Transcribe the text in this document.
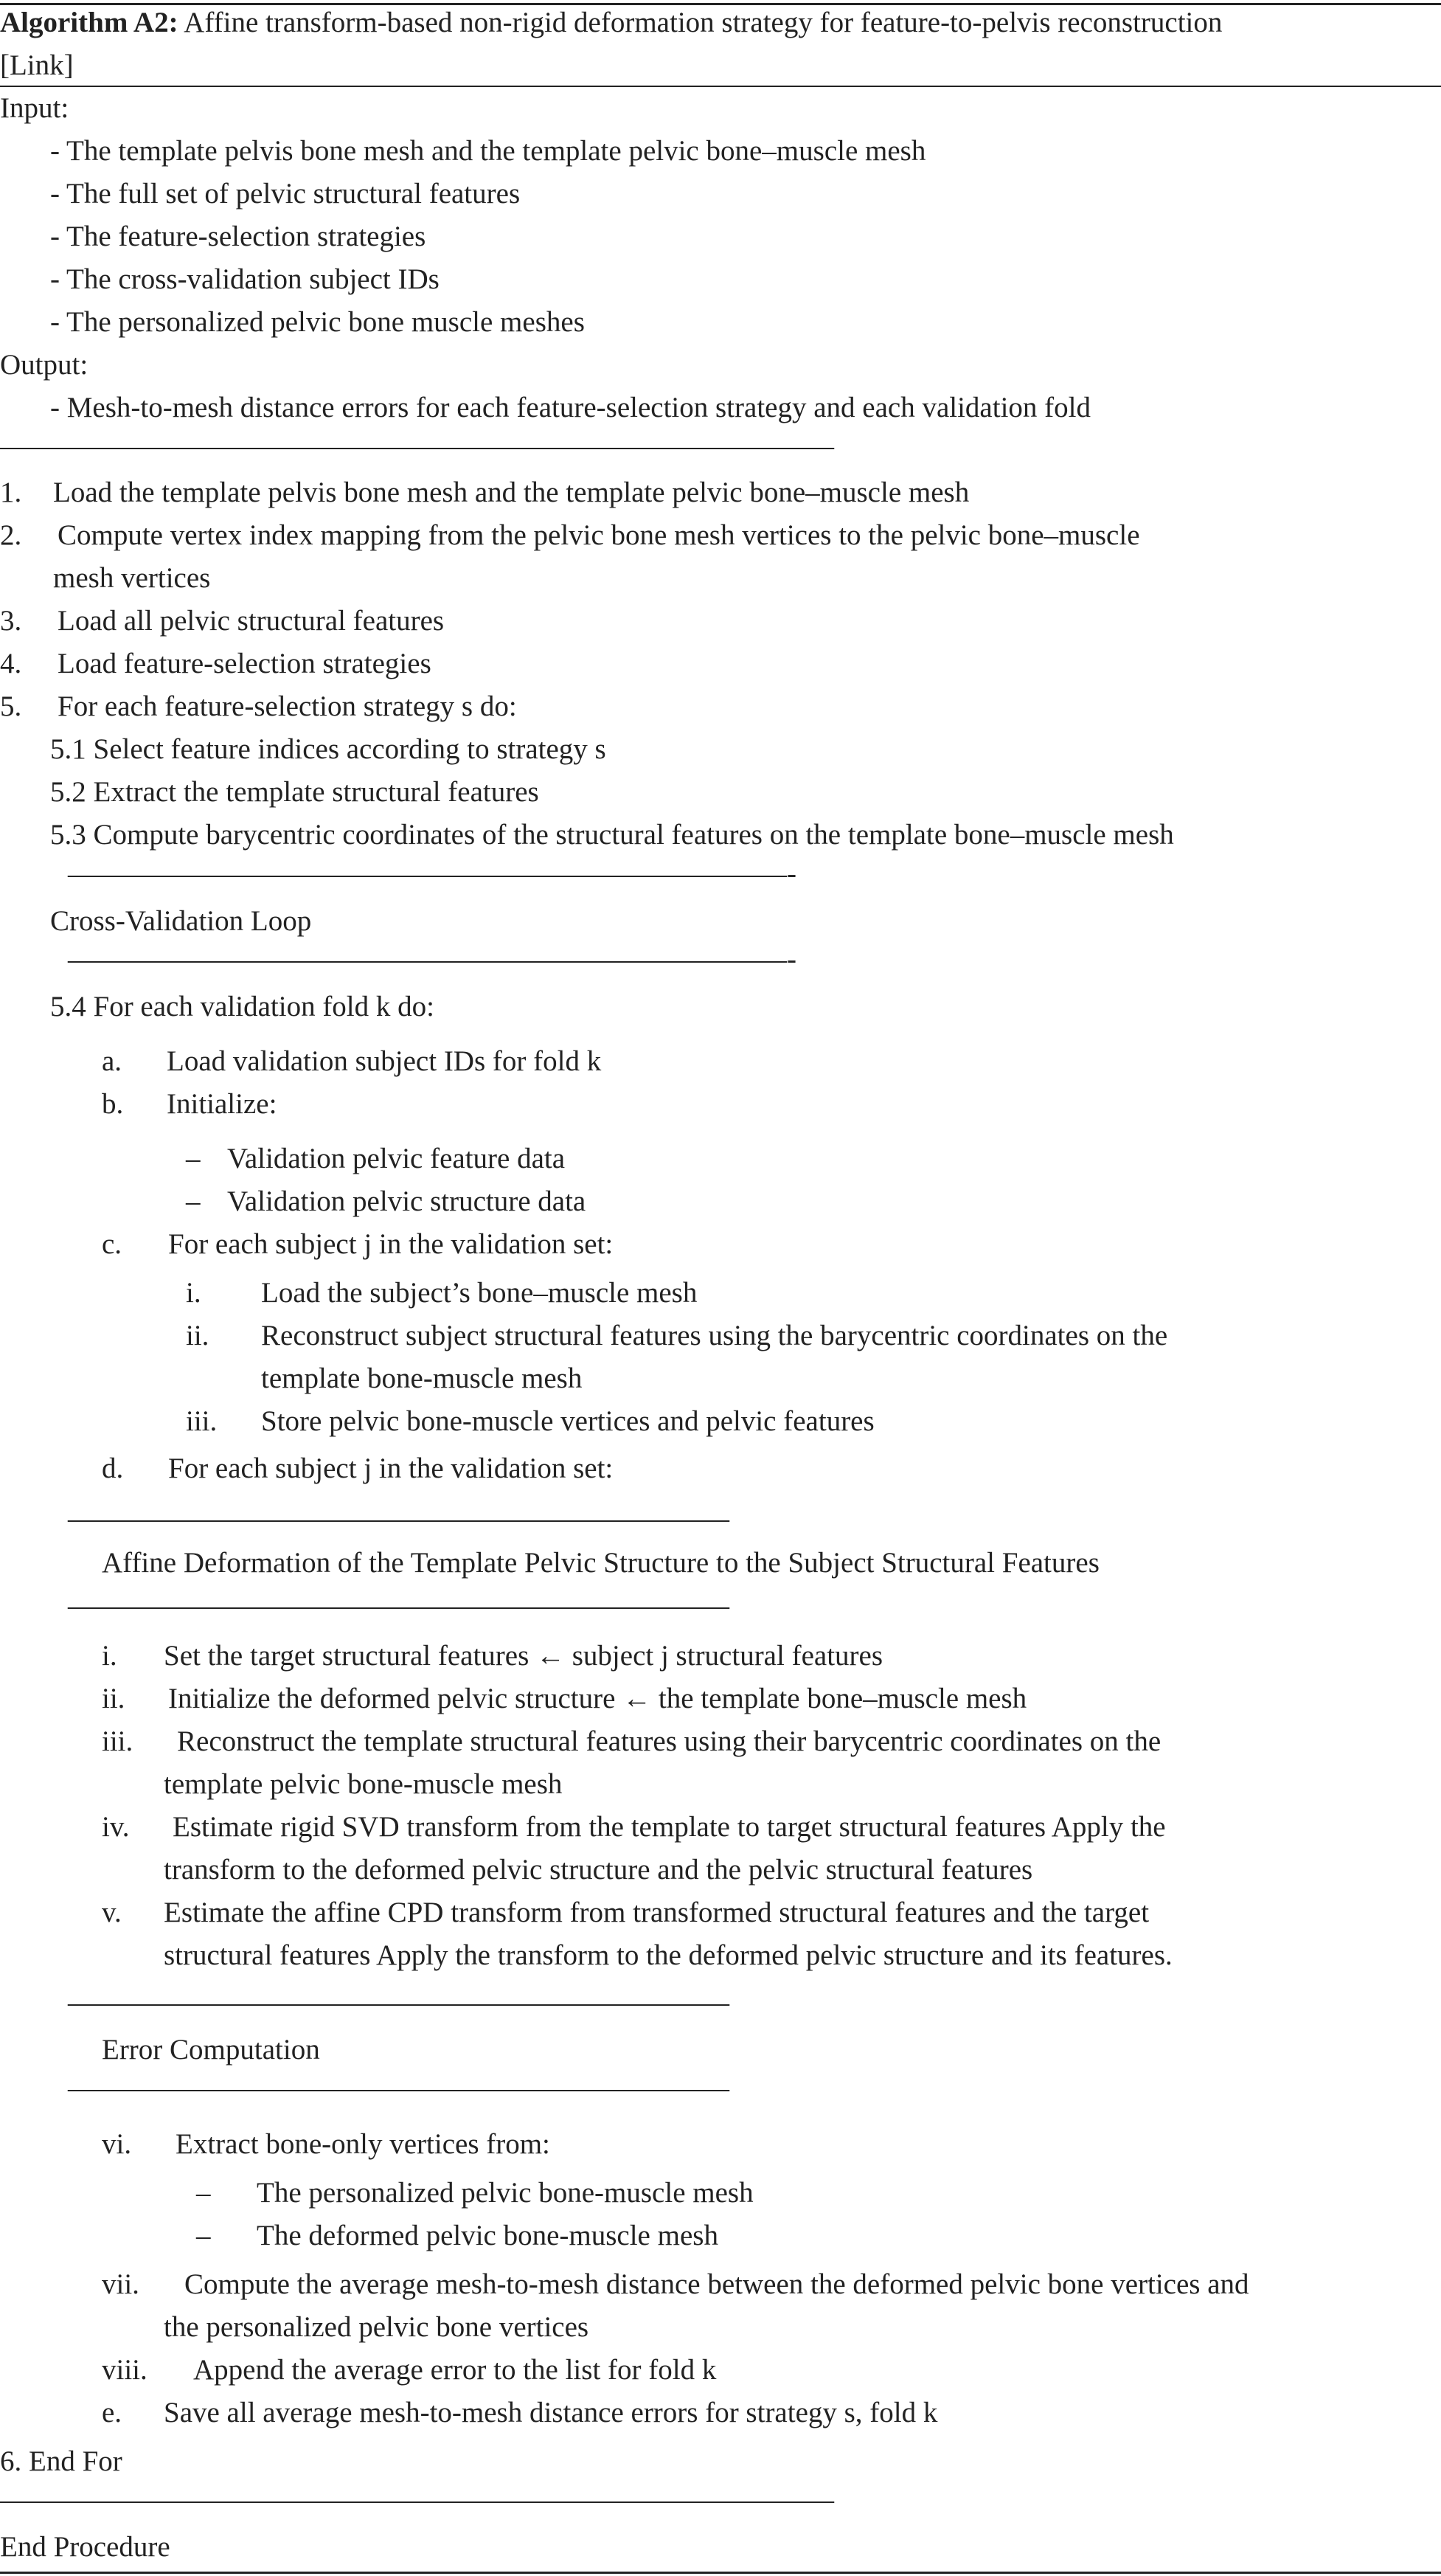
Algorithm A2: Affine transform-based non-rigid deformation strategy for feature-to-pelvis reconstruction
[Link]
Input:
- The template pelvis bone mesh and the template pelvic bone–muscle mesh
- The full set of pelvic structural features
- The feature-selection strategies
- The cross-validation subject IDs
- The personalized pelvic bone muscle meshes
Output:
- Mesh-to-mesh distance errors for each feature-selection strategy and each validation fold
—————————————————————————————
1. Load the template pelvis bone mesh and the template pelvic bone–muscle mesh
2. Compute vertex index mapping from the pelvic bone mesh vertices to the pelvic bone–muscle
mesh vertices
3. Load all pelvic structural features
4. Load feature-selection strategies
5. For each feature-selection strategy s do:
5.1 Select feature indices according to strategy s
5.2 Extract the template structural features
5.3 Compute barycentric coordinates of the structural features on the template bone–muscle mesh
—————————————————————————-
Cross-Validation Loop
—————————————————————————-
5.4 For each validation fold k do:
a. Load validation subject IDs for fold k
b. Initialize:
– Validation pelvic feature data
– Validation pelvic structure data
c. For each subject j in the validation set:
i. Load the subject’s bone–muscle mesh
ii. Reconstruct subject structural features using the barycentric coordinates on the
template bone-muscle mesh
iii. Store pelvic bone-muscle vertices and pelvic features
d. For each subject j in the validation set:
———————————————————————
Affine Deformation of the Template Pelvic Structure to the Subject Structural Features
———————————————————————
i. Set the target structural features ← subject j structural features
ii. Initialize the deformed pelvic structure ← the template bone–muscle mesh
iii. Reconstruct the template structural features using their barycentric coordinates on the
template pelvic bone-muscle mesh
iv. Estimate rigid SVD transform from the template to target structural features Apply the
transform to the deformed pelvic structure and the pelvic structural features
v. Estimate the affine CPD transform from transformed structural features and the target
structural features Apply the transform to the deformed pelvic structure and its features.
———————————————————————
Error Computation
———————————————————————
vi. Extract bone-only vertices from:
– The personalized pelvic bone-muscle mesh
– The deformed pelvic bone-muscle mesh
vii. Compute the average mesh-to-mesh distance between the deformed pelvic bone vertices and
the personalized pelvic bone vertices
viii. Append the average error to the list for fold k
e. Save all average mesh-to-mesh distance errors for strategy s, fold k
6. End For
—————————————————————————————
End Procedure
